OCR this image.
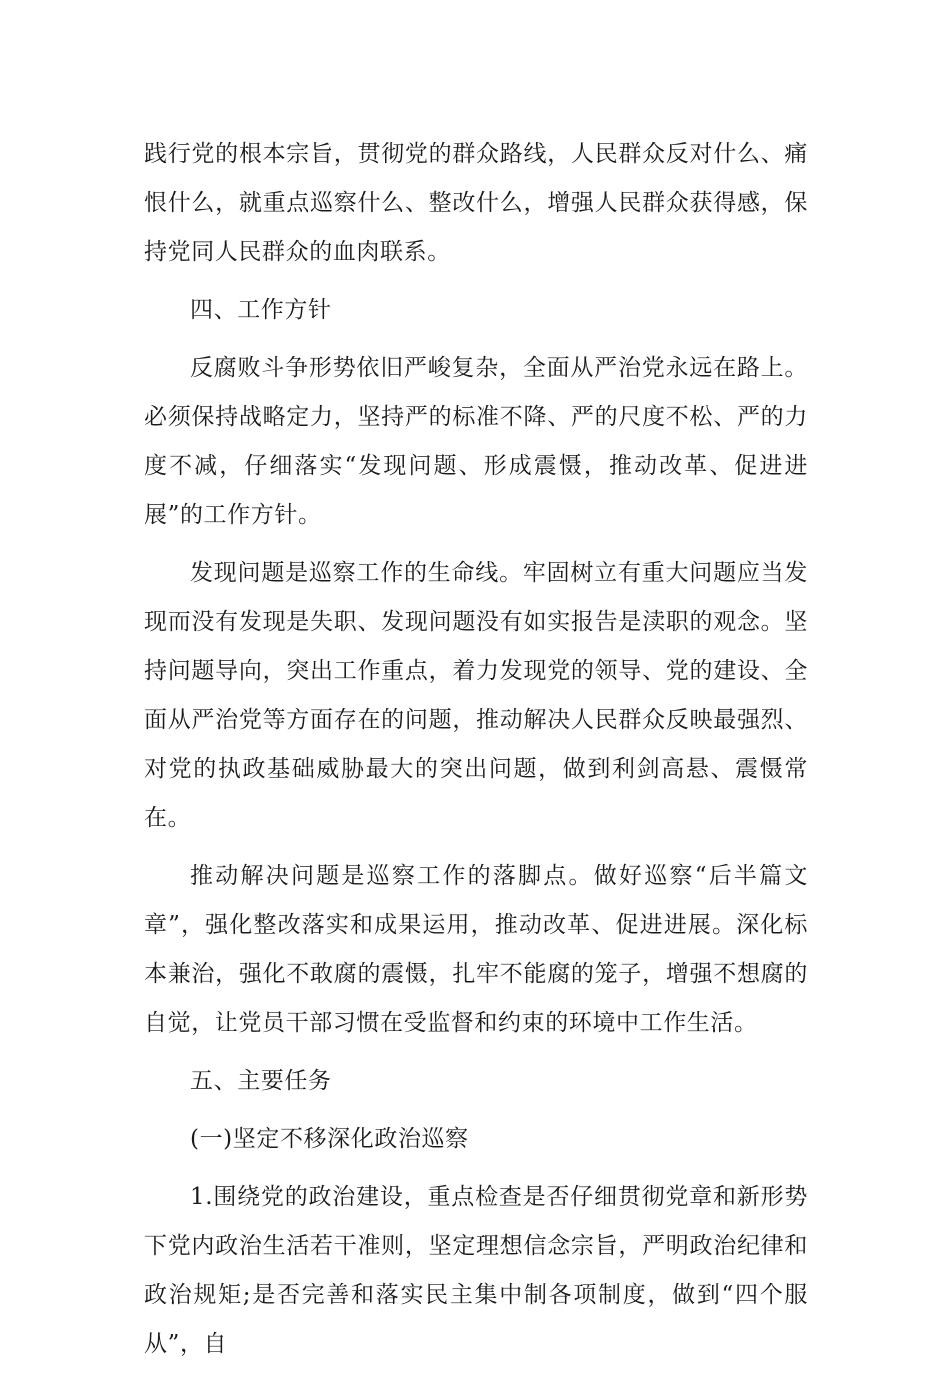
践行党的根本宗旨，贯彻党的群众路线，人民群众反对什么、痛恨什么，就重点巡察什么、整改什么，增强人民群众获得感，保持党同人民群众的血肉联系。

四、工作方针

反腐败斗争形势依旧严峻复杂，全面从严治党永远在路上。必须保持战略定力，坚持严的标准不降、严的尺度不松、严的力度不减，仔细落实“发现问题、形成震慑，推动改革、促进进展”的工作方针。

发现问题是巡察工作的生命线。牢固树立有重大问题应当发现而没有发现是失职、发现问题没有如实报告是渎职的观念。坚持问题导向，突出工作重点，着力发现党的领导、党的建设、全面从严治党等方面存在的问题，推动解决人民群众反映最强烈、对党的执政基础威胁最大的突出问题，做到利剑高悬、震慑常在。

推动解决问题是巡察工作的落脚点。做好巡察“后半篇文章”，强化整改落实和成果运用，推动改革、促进进展。深化标本兼治，强化不敢腐的震慑，扎牢不能腐的笼子，增强不想腐的自觉，让党员干部习惯在受监督和约束的环境中工作生活。

五、主要任务

(一)坚定不移深化政治巡察

1.围绕党的政治建设，重点检查是否仔细贯彻党章和新形势下党内政治生活若干准则，坚定理想信念宗旨，严明政治纪律和政治规矩;是否完善和落实民主集中制各项制度，做到“四个服从”，自
